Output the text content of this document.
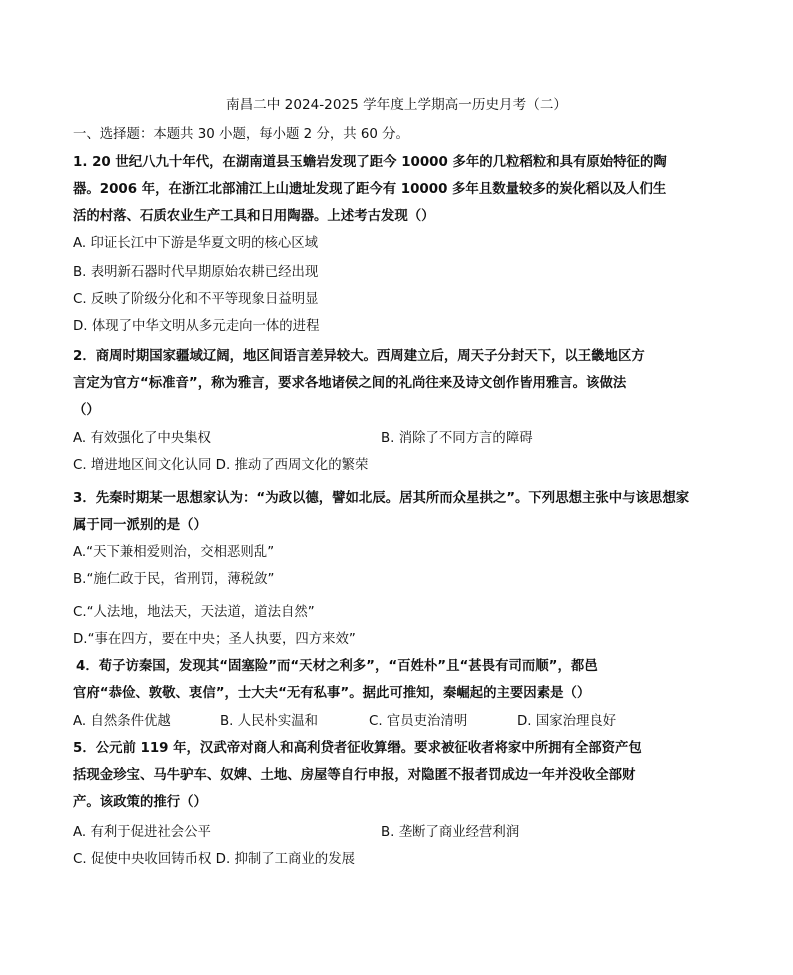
南昌二中 2024-2025 学年度上学期高一历史月考（二）
一、选择题：本题共 30 小题，每小题 2 分，共 60 分。
1. 20 世纪八九十年代，在湖南道县玉蟾岩发现了距今 10000 多年的几粒稻粒和具有原始特征的陶
器。2006 年，在浙江北部浦江上山遗址发现了距今有 10000 多年且数量较多的炭化稻以及人们生
活的村落、石质农业生产工具和日用陶器。上述考古发现（）
A. 印证长江中下游是华夏文明的核心区域
B. 表明新石器时代早期原始农耕已经出现
C. 反映了阶级分化和不平等现象日益明显
D. 体现了中华文明从多元走向一体的进程
2．商周时期国家疆域辽阔，地区间语言差异较大。西周建立后，周天子分封天下，以王畿地区方
言定为官方“标准音”，称为雅言，要求各地诸侯之间的礼尚往来及诗文创作皆用雅言。该做法
（）
A. 有效强化了中央集权	B. 消除了不同方言的障碍
C. 增进地区间文化认同 D. 推动了西周文化的繁荣
3．先秦时期某一思想家认为：“为政以德，譬如北辰。居其所而众星拱之”。下列思想主张中与该思想家
属于同一派别的是（）
A.“天下兼相爱则治，交相恶则乱”
B.“施仁政于民，省刑罚，薄税敛”
C.“人法地，地法天，天法道，道法自然”
D.“事在四方，要在中央；圣人执要，四方来效”
4．荀子访秦国，发现其“固塞险”而“天材之利多”，“百姓朴”且“甚畏有司而顺”，都邑
官府“恭俭、敦敬、衷信”，士大夫“无有私事”。据此可推知，秦崛起的主要因素是（）
A. 自然条件优越	B. 人民朴实温和	C. 官员吏治清明	D. 国家治理良好
5．公元前 119 年，汉武帝对商人和高利贷者征收算缗。要求被征收者将家中所拥有全部资产包
括现金珍宝、马牛驴车、奴婢、土地、房屋等自行申报，对隐匿不报者罚成边一年并没收全部财
产。该政策的推行（）
A. 有利于促进社会公平	B. 垄断了商业经营利润
C. 促使中央收回铸币权 D. 抑制了工商业的发展
